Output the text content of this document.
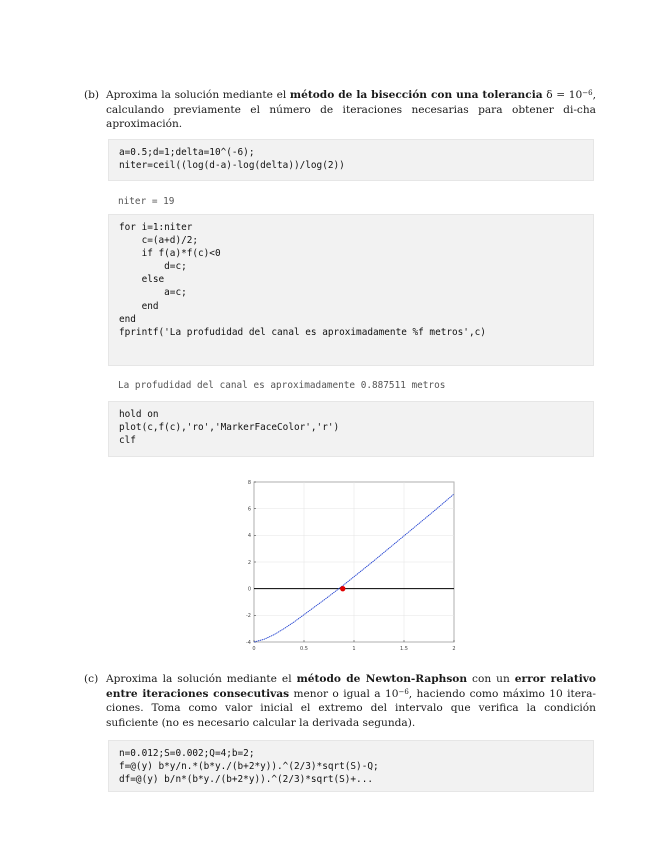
(b) Aproxima la solución mediante el método de la bisección con una tolerancia $\delta = 10^{-6}$, calculando previamente el número de iteraciones necesarias para obtener di-cha aproximación.
a=0.5;d=1;delta=10^(-6);
niter=ceil((log(d-a)-log(delta))/log(2))
niter = 19
for i=1:niter
c=(a+d)/2;
if f(a)*f(c)<0
d=c;
else
a=c;
end
end
fprintf('La profudidad del canal es aproximadamente %f metros',c)
La profudidad del canal es aproximadamente 0.887511 metros
hold on
plot(c,f(c),'ro','MarkerFaceColor','r')
clf
0	0.5	1	1.5	2
-4
-2
0
2
4
6
8
(c) Aproxima la solución mediante el método de Newton-Raphson con un error relativo entre iteraciones consecutivas menor o igual a $10^{-6}$, haciendo como máximo 10 itera-ciones. Toma como valor inicial el extremo del intervalo que verifica la condición suficiente (no es necesario calcular la derivada segunda).
n=0.012;S=0.002;Q=4;b=2;
f=@(y) b*y/n.*(b*y./(b+2*y)).^(2/3)*sqrt(S)-Q;
df=@(y) b/n*(b*y./(b+2*y)).^(2/3)*sqrt(S)+...
